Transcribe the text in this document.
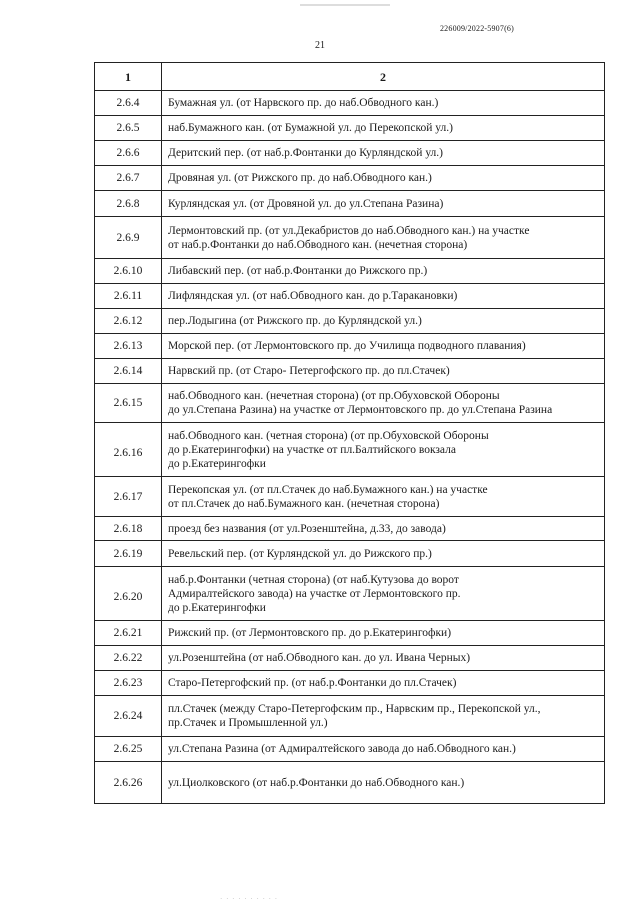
226009/2022-5907(6)
21
1	2
2.6.4	Бумажная ул. (от Нарвского пр. до наб.Обводного кан.)
2.6.5	наб.Бумажного кан. (от Бумажной ул. до Перекопской ул.)
2.6.6	Деритский пер. (от наб.р.Фонтанки до Курляндской ул.)
2.6.7	Дровяная ул. (от Рижского пр. до наб.Обводного кан.)
2.6.8	Курляндская ул. (от Дровяной ул. до ул.Степана Разина)
2.6.9	Лермонтовский пр. (от ул.Декабристов до наб.Обводного кан.) на участке
от наб.р.Фонтанки до наб.Обводного кан. (нечетная сторона)
2.6.10	Либавский пер. (от наб.р.Фонтанки до Рижского пр.)
2.6.11	Лифляндская ул. (от наб.Обводного кан. до р.Таракановки)
2.6.12	пер.Лодыгина (от Рижского пр. до Курляндской ул.)
2.6.13	Морской пер. (от Лермонтовского пр. до Училища подводного плавания)
2.6.14	Нарвский пр. (от Старо- Петергофского пр. до пл.Стачек)
2.6.15	наб.Обводного кан. (нечетная сторона) (от пр.Обуховской Обороны
до ул.Степана Разина) на участке от Лермонтовского пр. до ул.Степана Разина
2.6.16	наб.Обводного кан. (четная сторона) (от пр.Обуховской Обороны
до р.Екатерингофки) на участке от пл.Балтийского вокзала
до р.Екатерингофки
2.6.17	Перекопская ул. (от пл.Стачек до наб.Бумажного кан.) на участке
от пл.Стачек до наб.Бумажного кан. (нечетная сторона)
2.6.18	проезд без названия (от ул.Розенштейна, д.33, до завода)
2.6.19	Ревельский пер. (от Курляндской ул. до Рижского пр.)
2.6.20	наб.р.Фонтанки (четная сторона) (от наб.Кутузова до ворот
Адмиралтейского завода) на участке от Лермонтовского пр.
до р.Екатерингофки
2.6.21	Рижский пр. (от Лермонтовского пр. до р.Екатерингофки)
2.6.22	ул.Розенштейна (от наб.Обводного кан. до ул. Ивана Черных)
2.6.23	Старо-Петергофский пр. (от наб.р.Фонтанки до пл.Стачек)
2.6.24	пл.Стачек (между Старо-Петергофским пр., Нарвским пр., Перекопской ул.,
пр.Стачек и Промышленной ул.)
2.6.25	ул.Степана Разина (от Адмиралтейского завода до наб.Обводного кан.)
2.6.26	ул.Циолковского (от наб.р.Фонтанки до наб.Обводного кан.)
· · · · · · · · · ·
